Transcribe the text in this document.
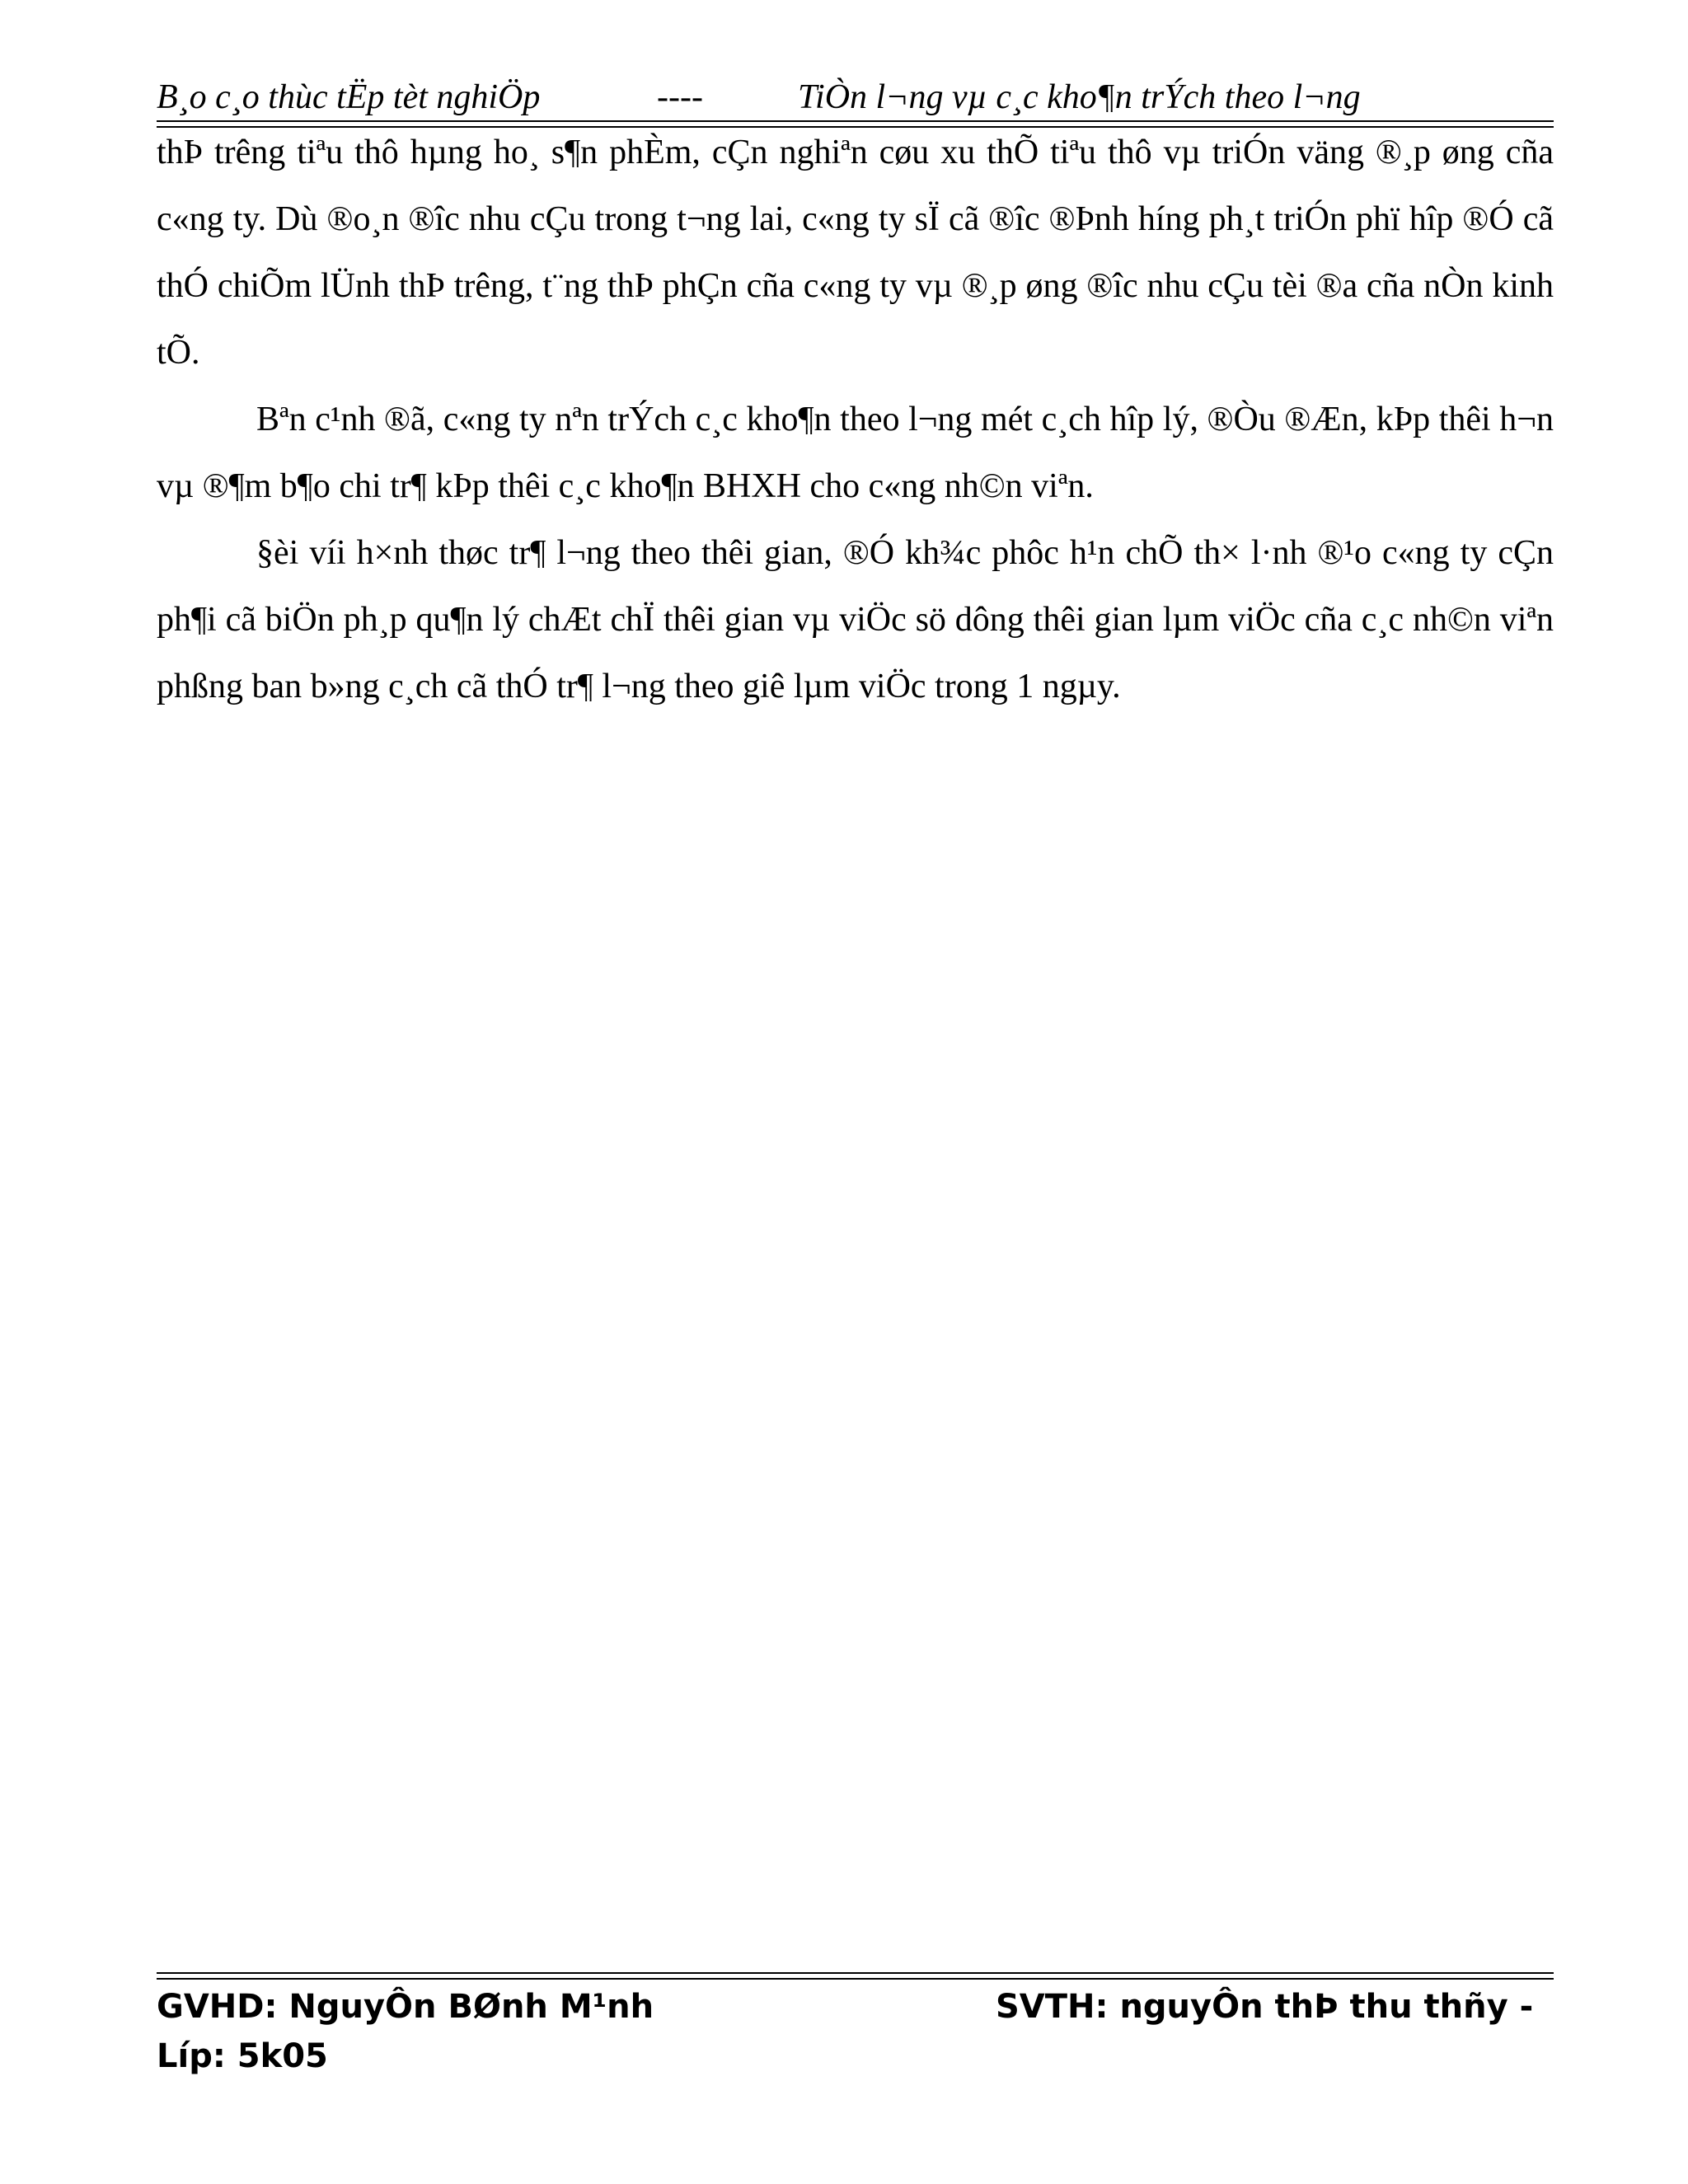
B¸o c¸o thùc tËp tèt nghiÖp	----	TiÒn l¬ng vµ c¸c kho¶n trÝch theo l¬ng

thÞ trêng tiªu thô hµng ho¸ s¶n phÈm, cÇn nghiªn cøu xu thÕ tiªu thô vµ triÓn väng ®¸p øng cña c«ng ty. Dù ®o¸n ®îc nhu cÇu trong t¬ng lai, c«ng ty sÏ cã ®îc ®Þnh híng ph¸t triÓn phï hîp ®Ó cã thÓ chiÕm lÜnh thÞ trêng, t¨ng thÞ phÇn cña c«ng ty vµ ®¸p øng ®îc nhu cÇu tèi ®a cña nÒn kinh tÕ.

Bªn c¹nh ®ã, c«ng ty nªn trÝch c¸c kho¶n theo l¬ng mét c¸ch hîp lý, ®Òu ®Æn, kÞp thêi h¬n vµ ®¶m b¶o chi tr¶ kÞp thêi c¸c kho¶n BHXH cho c«ng nh©n viªn.

§èi víi h×nh thøc tr¶ l¬ng theo thêi gian, ®Ó kh¾c phôc h¹n chÕ th× l·nh ®¹o c«ng ty cÇn ph¶i cã biÖn ph¸p qu¶n lý chÆt chÏ thêi gian vµ viÖc sö dông thêi gian lµm viÖc cña c¸c nh©n viªn phßng ban b»ng c¸ch cã thÓ tr¶ l¬ng theo giê lµm viÖc trong 1 ngµy.

GVHD: NguyÔn BØnh M¹nh	SVTH: nguyÔn thÞ thu thñy -
Líp: 5k05
